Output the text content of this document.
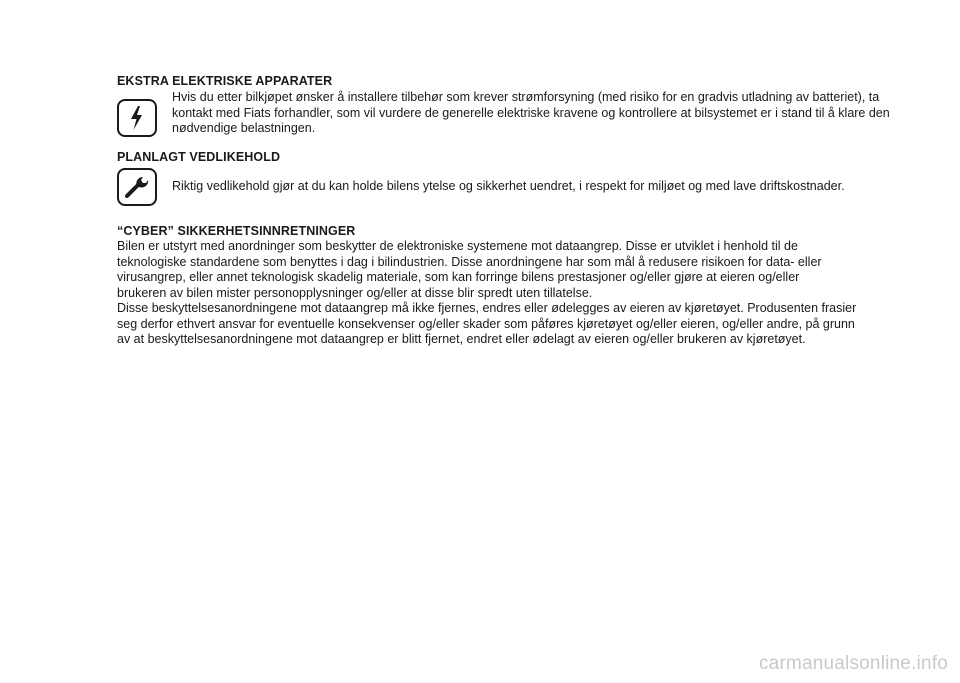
EKSTRA ELEKTRISKE APPARATER
Hvis du etter bilkjøpet ønsker å installere tilbehør som krever strømforsyning (med risiko for en gradvis utladning av batteriet), ta kontakt med Fiats forhandler, som vil vurdere de generelle elektriske kravene og kontrollere at bilsystemet er i stand til å klare den nødvendige belastningen.
PLANLAGT VEDLIKEHOLD
Riktig vedlikehold gjør at du kan holde bilens ytelse og sikkerhet uendret, i respekt for miljøet og med lave driftskostnader.
“CYBER” SIKKERHETSINNRETNINGER

Bilen er utstyrt med anordninger som beskytter de elektroniske systemene mot dataangrep. Disse er utviklet i henhold til de teknologiske standardene som benyttes i dag i bilindustrien. Disse anordningene har som mål å redusere risikoen for data- eller virusangrep, eller annet teknologisk skadelig materiale, som kan forringe bilens prestasjoner og/eller gjøre at eieren og/eller brukeren av bilen mister personopplysninger og/eller at disse blir spredt uten tillatelse.

Disse beskyttelsesanordningene mot dataangrep må ikke fjernes, endres eller ødelegges av eieren av kjøretøyet. Produsenten frasier seg derfor ethvert ansvar for eventuelle konsekvenser og/eller skader som påføres kjøretøyet og/eller eieren, og/eller andre, på grunn av at beskyttelsesanordningene mot dataangrep er blitt fjernet, endret eller ødelagt av eieren og/eller brukeren av kjøretøyet.

carmanualsonline.info
